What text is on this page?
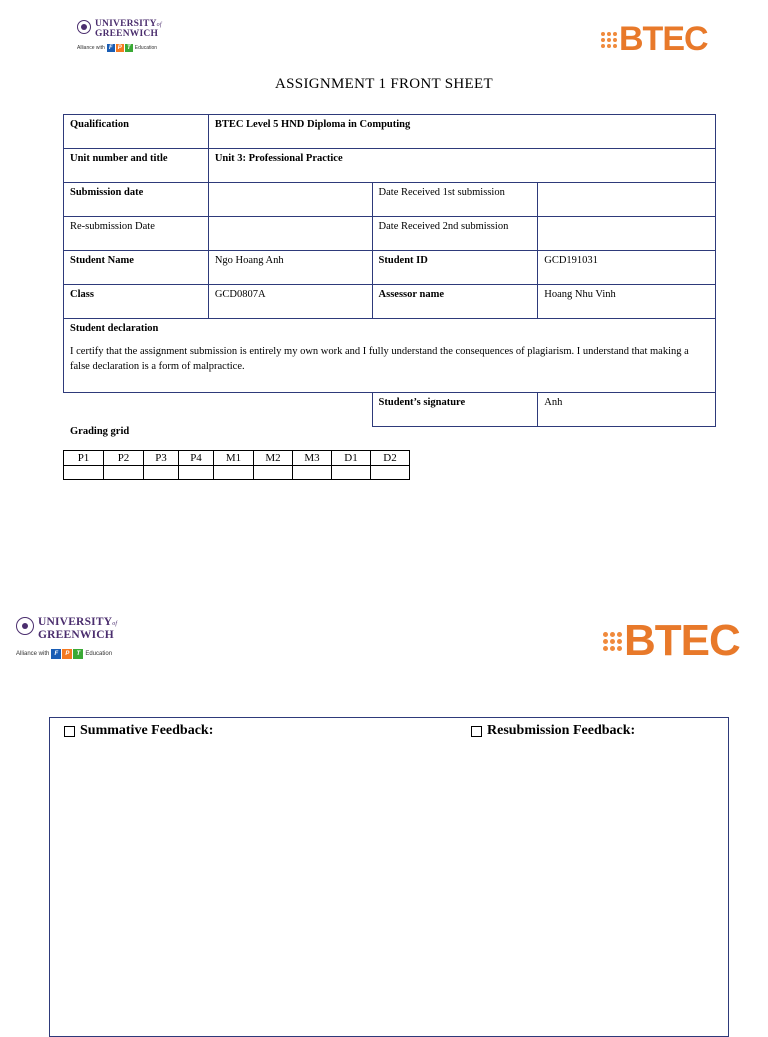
UNIVERSITYof
GREENWICH
Alliance with F P T Education	BTEC
ASSIGNMENT 1 FRONT SHEET
Qualification	BTEC Level 5 HND Diploma in Computing		
Unit number and title	Unit 3: Professional Practice		
Submission date		Date Received 1st submission	
Re-submission Date		Date Received 2nd submission	
Student Name	Ngo Hoang Anh	Student ID	GCD191031
Class	GCD0807A	Assessor name	Hoang Nhu Vinh

Student declaration
I certify that the assignment submission is entirely my own work and I fully understand the consequences of plagiarism. I understand that making a false declaration is a form of malpractice.			

		Student’s signature	Anh
Grading grid
P1	P2	P3	P4	M1	M2	M3	D1	D2

UNIVERSITYof
GREENWICH
Alliance with F	P	T Education	BTEC
Summative Feedback:	Resubmission Feedback:
